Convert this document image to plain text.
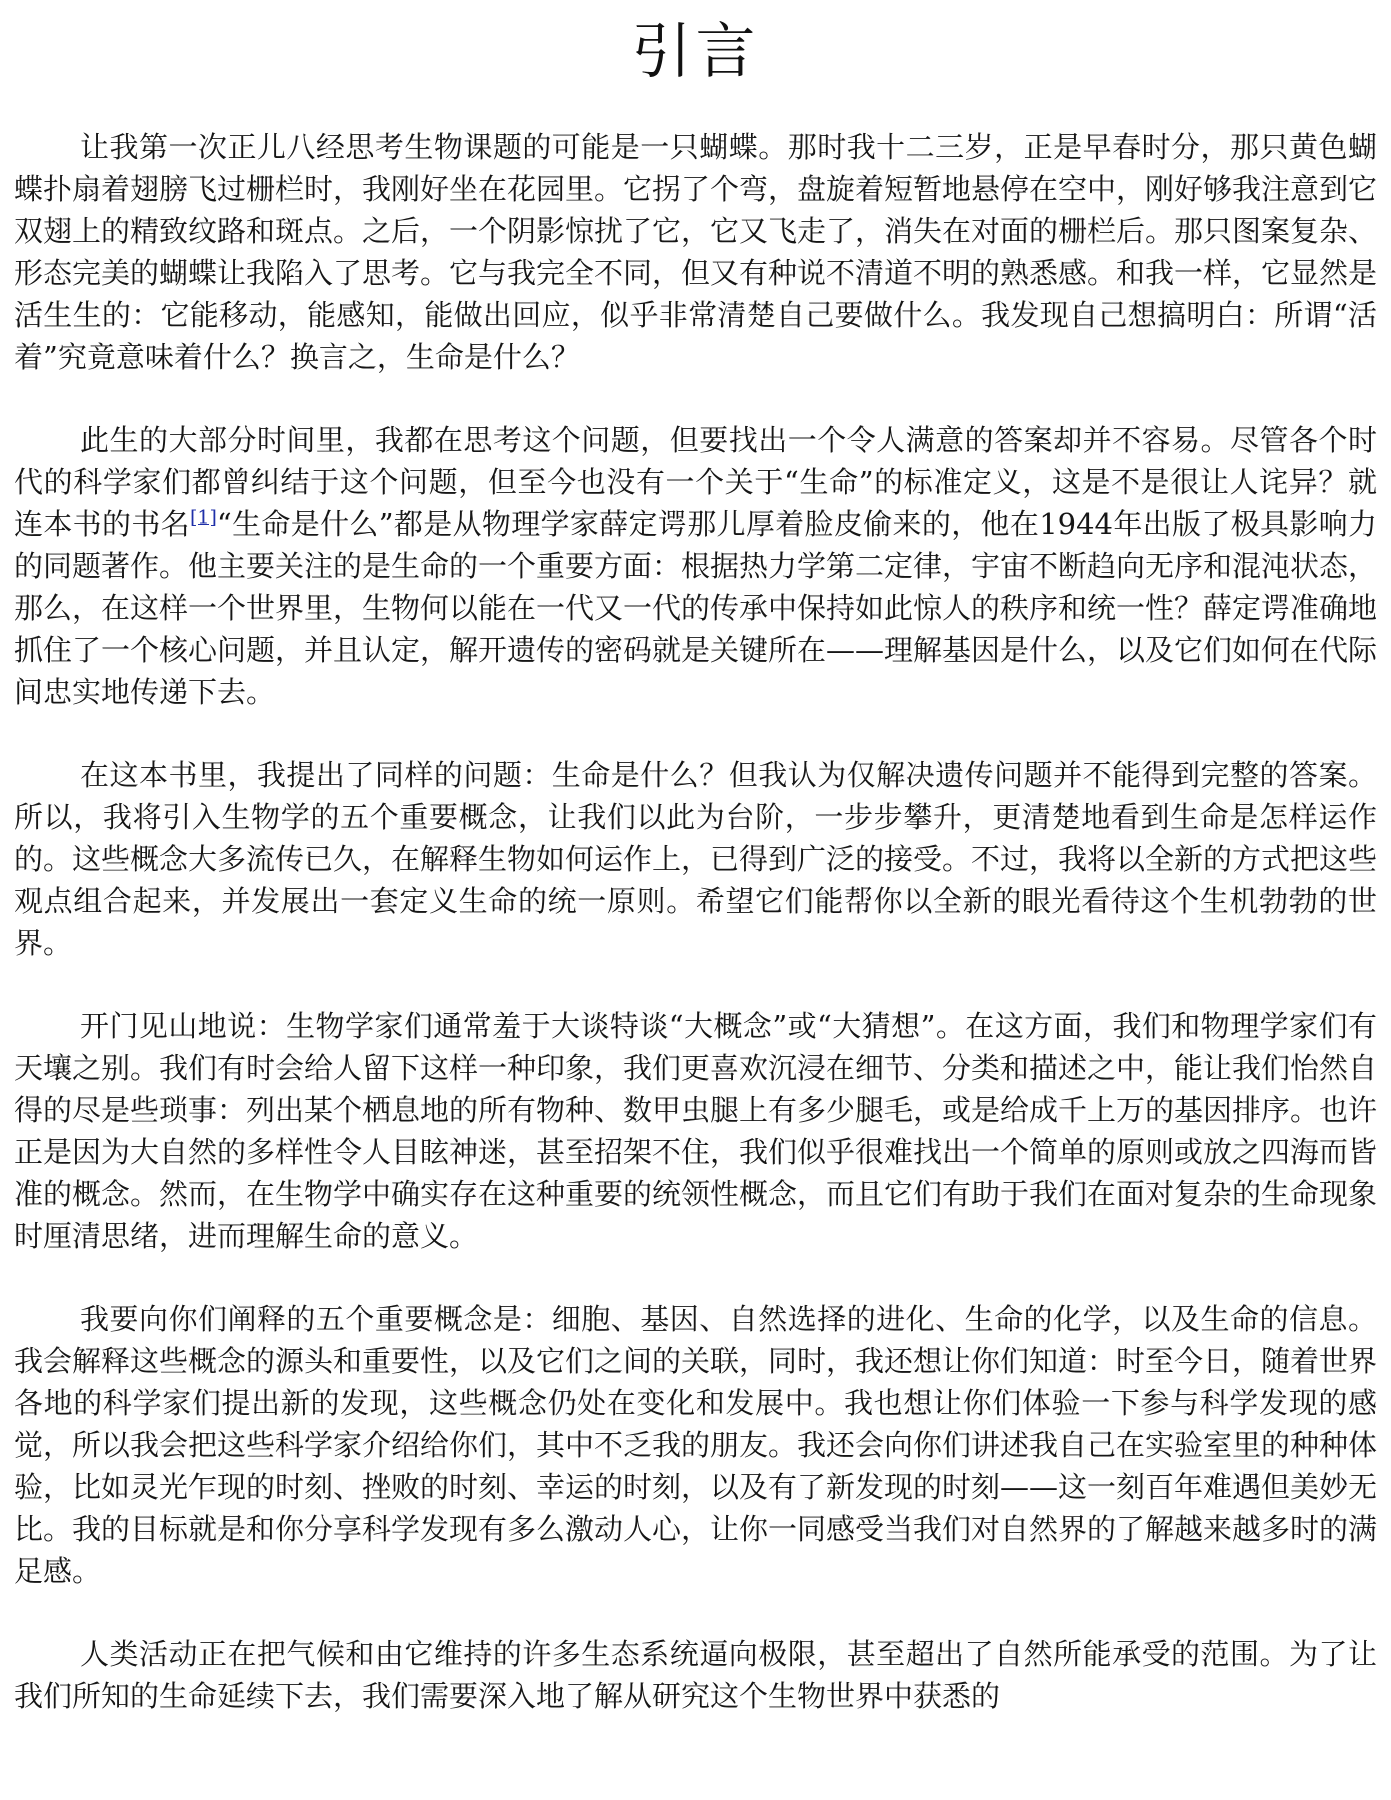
引言

让我第一次正儿八经思考生物课题的可能是一只蝴蝶。那时我十二三岁，正是早春时分，那只黄色蝴蝶扑扇着翅膀飞过栅栏时，我刚好坐在花园里。它拐了个弯，盘旋着短暂地悬停在空中，刚好够我注意到它双翅上的精致纹路和斑点。之后，一个阴影惊扰了它，它又飞走了，消失在对面的栅栏后。那只图案复杂、形态完美的蝴蝶让我陷入了思考。它与我完全不同，但又有种说不清道不明的熟悉感。和我一样，它显然是活生生的：它能移动，能感知，能做出回应，似乎非常清楚自己要做什么。我发现自己想搞明白：所谓“活着”究竟意味着什么？换言之，生命是什么？

此生的大部分时间里，我都在思考这个问题，但要找出一个令人满意的答案却并不容易。尽管各个时代的科学家们都曾纠结于这个问题，但至今也没有一个关于“生命”的标准定义，这是不是很让人诧异？就连本书的书名[1]“生命是什么”都是从物理学家薛定谔那儿厚着脸皮偷来的，他在1944年出版了极具影响力的同题著作。他主要关注的是生命的一个重要方面：根据热力学第二定律，宇宙不断趋向无序和混沌状态，那么，在这样一个世界里，生物何以能在一代又一代的传承中保持如此惊人的秩序和统一性？薛定谔准确地抓住了一个核心问题，并且认定，解开遗传的密码就是关键所在——理解基因是什么，以及它们如何在代际间忠实地传递下去。

在这本书里，我提出了同样的问题：生命是什么？但我认为仅解决遗传问题并不能得到完整的答案。所以，我将引入生物学的五个重要概念，让我们以此为台阶，一步步攀升，更清楚地看到生命是怎样运作的。这些概念大多流传已久，在解释生物如何运作上，已得到广泛的接受。不过，我将以全新的方式把这些观点组合起来，并发展出一套定义生命的统一原则。希望它们能帮你以全新的眼光看待这个生机勃勃的世界。

开门见山地说：生物学家们通常羞于大谈特谈“大概念”或“大猜想”。在这方面，我们和物理学家们有天壤之别。我们有时会给人留下这样一种印象，我们更喜欢沉浸在细节、分类和描述之中，能让我们怡然自得的尽是些琐事：列出某个栖息地的所有物种、数甲虫腿上有多少腿毛，或是给成千上万的基因排序。也许正是因为大自然的多样性令人目眩神迷，甚至招架不住，我们似乎很难找出一个简单的原则或放之四海而皆准的概念。然而，在生物学中确实存在这种重要的统领性概念，而且它们有助于我们在面对复杂的生命现象时厘清思绪，进而理解生命的意义。

我要向你们阐释的五个重要概念是：细胞、基因、自然选择的进化、生命的化学，以及生命的信息。我会解释这些概念的源头和重要性，以及它们之间的关联，同时，我还想让你们知道：时至今日，随着世界各地的科学家们提出新的发现，这些概念仍处在变化和发展中。我也想让你们体验一下参与科学发现的感觉，所以我会把这些科学家介绍给你们，其中不乏我的朋友。我还会向你们讲述我自己在实验室里的种种体验，比如灵光乍现的时刻、挫败的时刻、幸运的时刻，以及有了新发现的时刻——这一刻百年难遇但美妙无比。我的目标就是和你分享科学发现有多么激动人心，让你一同感受当我们对自然界的了解越来越多时的满足感。

人类活动正在把气候和由它维持的许多生态系统逼向极限，甚至超出了自然所能承受的范围。为了让我们所知的生命延续下去，我们需要深入地了解从研究这个生物世界中获悉的
